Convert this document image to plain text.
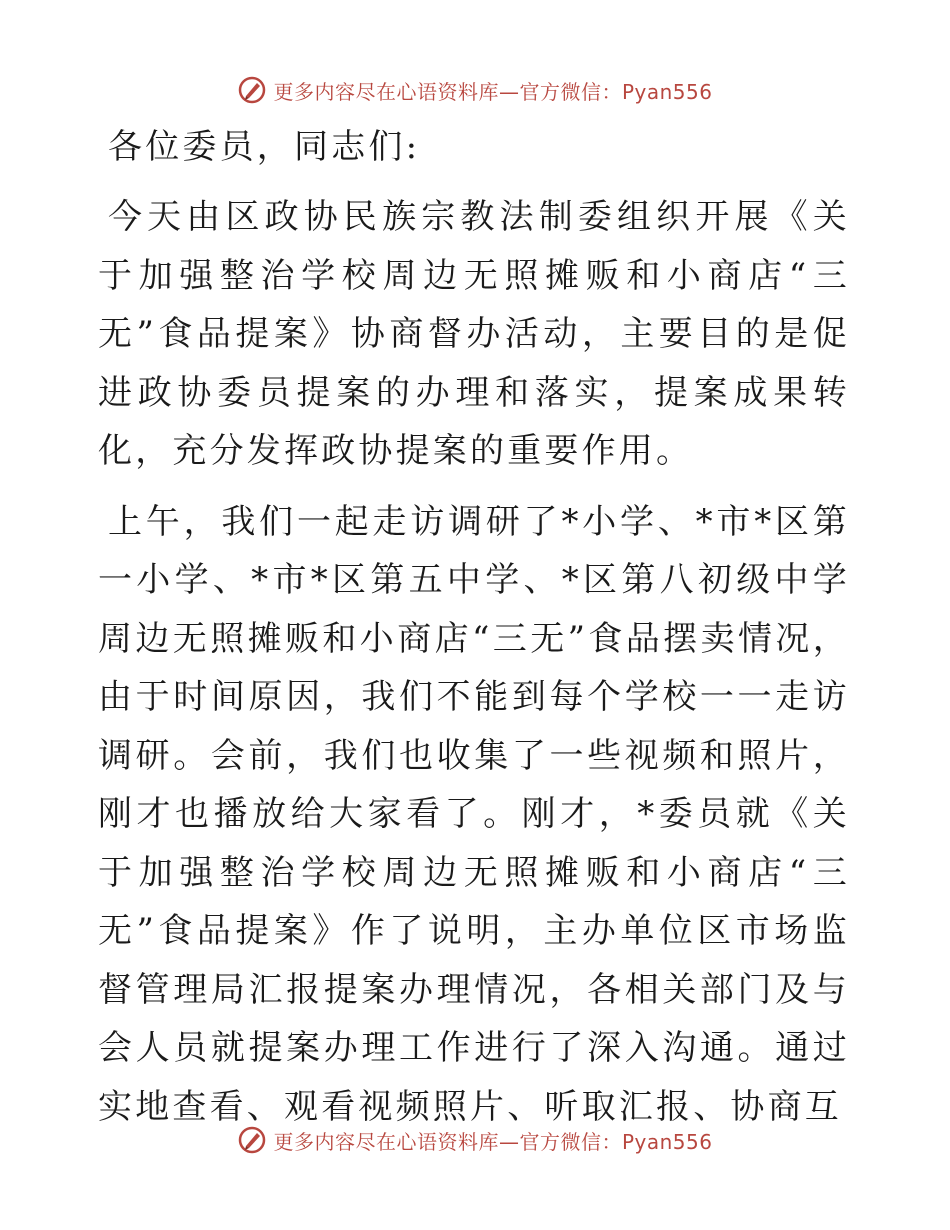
更多内容尽在心语资料库—官方微信：Pyan556

各位委员，同志们:

今天由区政协民族宗教法制委组织开展《关于加强整治学校周边无照摊贩和小商店“三无”食品提案》协商督办活动，主要目的是促进政协委员提案的办理和落实，提案成果转化，充分发挥政协提案的重要作用。

上午，我们一起走访调研了*小学、*市*区第一小学、*市*区第五中学、*区第八初级中学周边无照摊贩和小商店“三无”食品摆卖情况，由于时间原因，我们不能到每个学校一一走访调研。会前，我们也收集了一些视频和照片，刚才也播放给大家看了。刚才，*委员就《关于加强整治学校周边无照摊贩和小商店“三无”食品提案》作了说明，主办单位区市场监督管理局汇报提案办理情况，各相关部门及与会人员就提案办理工作进行了深入沟通。通过实地查看、观看视频照片、听取汇报、协商互

更多内容尽在心语资料库—官方微信：Pyan556
